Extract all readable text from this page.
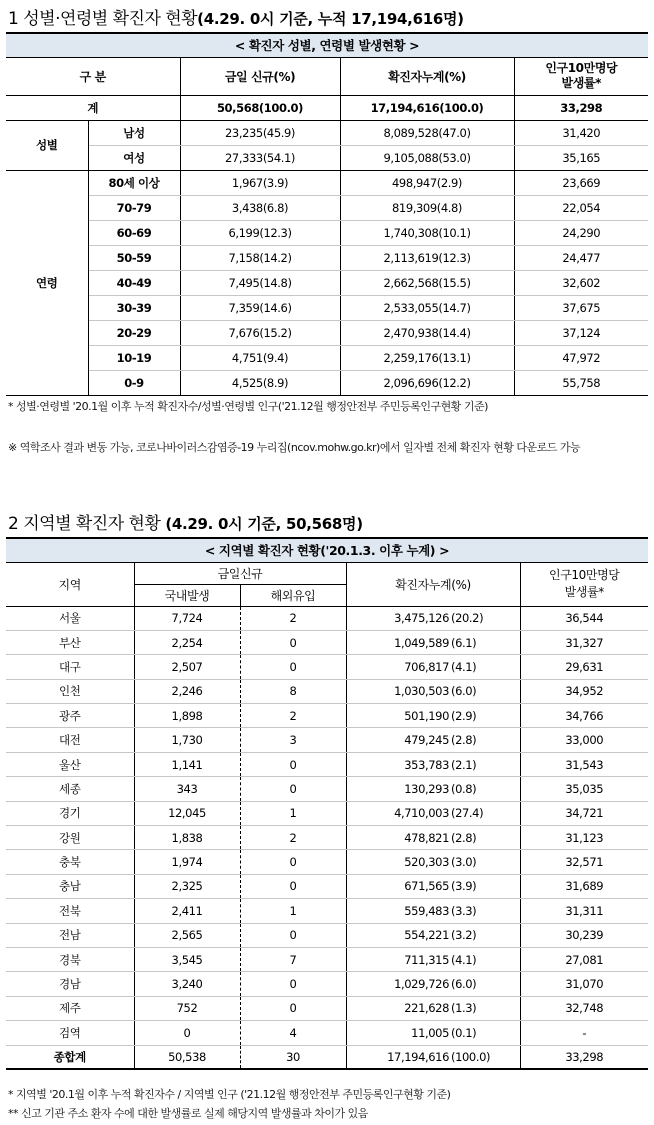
1 성별·연령별 확진자 현황(4.29. 0시 기준, 누적 17,194,616명)
< 확진자 성별, 연령별 발생현황 >				
구 분		금일 신규(%)	확진자누계(%)	인구10만명당
발생률*
계		50,568(100.0)	17,194,616(100.0)	33,298
성별	남성	23,235(45.9)	8,089,528(47.0)	31,420
	여성	27,333(54.1)	9,105,088(53.0)	35,165
연령	80세 이상	1,967(3.9)	498,947(2.9)	23,669
	70-79	3,438(6.8)	819,309(4.8)	22,054
	60-69	6,199(12.3)	1,740,308(10.1)	24,290
	50-59	7,158(14.2)	2,113,619(12.3)	24,477
	40-49	7,495(14.8)	2,662,568(15.5)	32,602
	30-39	7,359(14.6)	2,533,055(14.7)	37,675
	20-29	7,676(15.2)	2,470,938(14.4)	37,124
	10-19	4,751(9.4)	2,259,176(13.1)	47,972
	0-9	4,525(8.9)	2,096,696(12.2)	55,758
* 성별·연령별 '20.1월 이후 누적 확진자수/성별·연령별 인구('21.12월 행정안전부 주민등록인구현황 기준)
※ 역학조사 결과 변동 가능, 코로나바이러스감염증-19 누리집(ncov.mohw.go.kr)에서 일자별 전체 확진자 현황 다운로드 가능
2 지역별 확진자 현황 (4.29. 0시 기준, 50,568명)
< 지역별 확진자 현황('20.1.3. 이후 누계) >					
지역	금일신규		확진자누계(%)		인구10만명당
발생률*
	국내발생	해외유입			
서울	7,724	2	3,475,126	(20.2)	36,544
부산	2,254	0	1,049,589	(6.1)	31,327
대구	2,507	0	706,817	(4.1)	29,631
인천	2,246	8	1,030,503	(6.0)	34,952
광주	1,898	2	501,190	(2.9)	34,766
대전	1,730	3	479,245	(2.8)	33,000
울산	1,141	0	353,783	(2.1)	31,543
세종	343	0	130,293	(0.8)	35,035
경기	12,045	1	4,710,003	(27.4)	34,721
강원	1,838	2	478,821	(2.8)	31,123
충북	1,974	0	520,303	(3.0)	32,571
충남	2,325	0	671,565	(3.9)	31,689
전북	2,411	1	559,483	(3.3)	31,311
전남	2,565	0	554,221	(3.2)	30,239
경북	3,545	7	711,315	(4.1)	27,081
경남	3,240	0	1,029,726	(6.0)	31,070
제주	752	0	221,628	(1.3)	32,748
검역	0	4	11,005	(0.1)	-
종합계	50,538	30	17,194,616	(100.0)	33,298
* 지역별 '20.1월 이후 누적 확진자수 / 지역별 인구 ('21.12월 행정안전부 주민등록인구현황 기준)
** 신고 기관 주소 환자 수에 대한 발생률로 실제 해당지역 발생률과 차이가 있음
